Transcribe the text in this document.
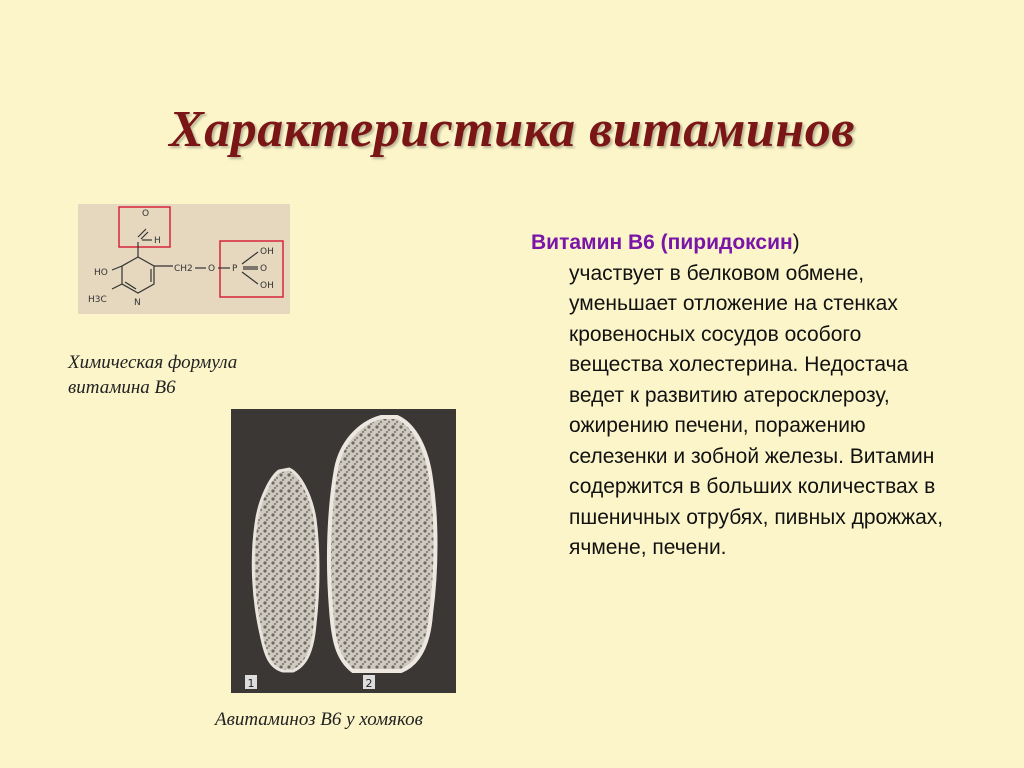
Характеристика витаминов
O
H
HO
H3C	N
CH2 O P
OH
O
OH
Химическая формула витамина В6
1	2
Авитаминоз В6 у хомяков
Витамин В6 (пиридоксин)
участвует в белковом обмене, уменьшает отложение на стенках кровеносных сосудов особого вещества холестерина. Недостача ведет к развитию атеросклерозу, ожирению печени, поражению селезенки и зобной железы. Витамин содержится в больших количествах в пшеничных отрубях, пивных дрожжах, ячмене, печени.
